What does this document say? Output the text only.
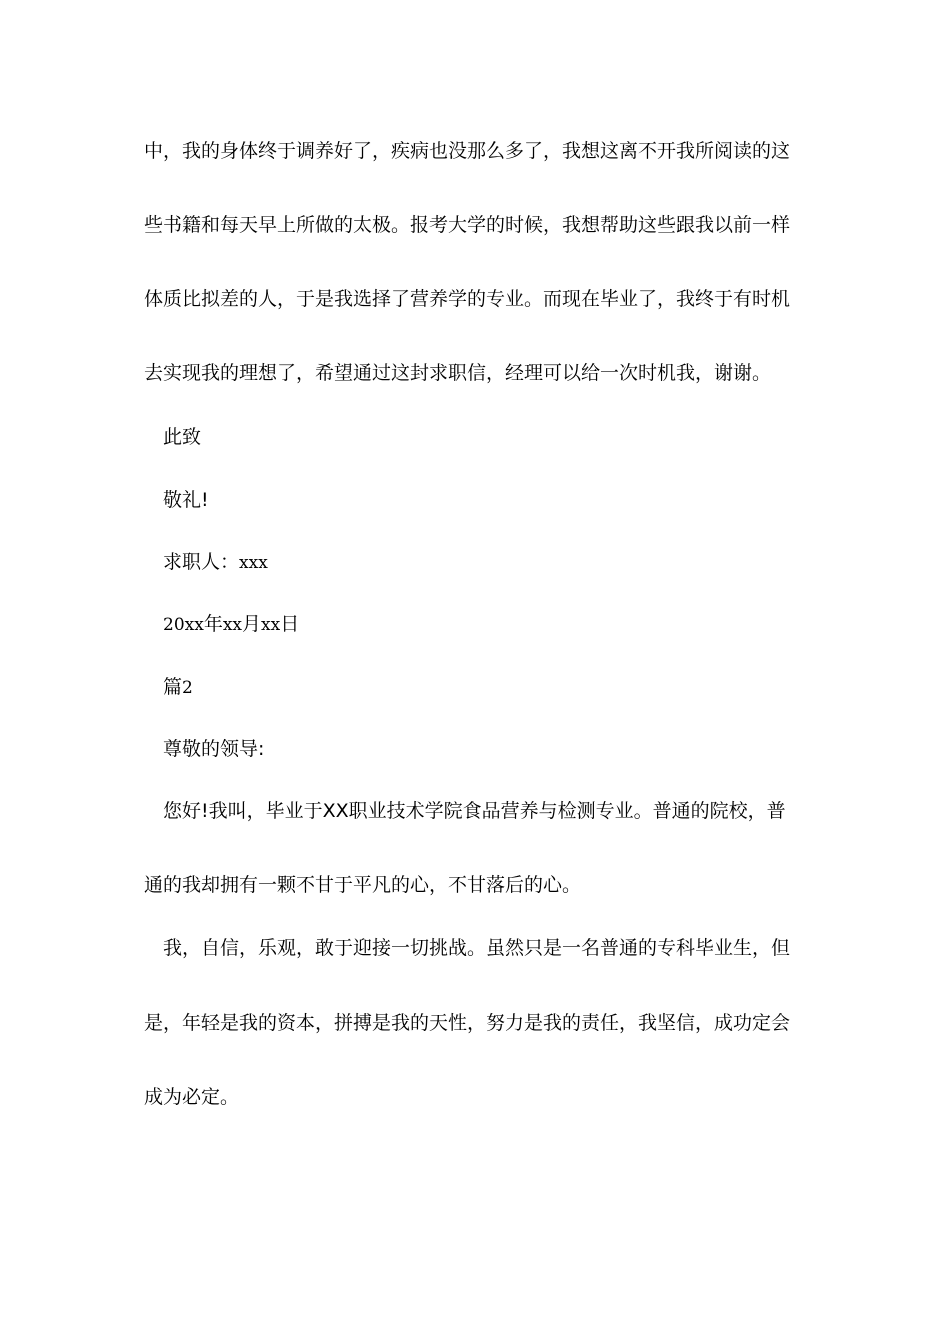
中，我的身体终于调养好了，疾病也没那么多了，我想这离不开我所阅读的这
些书籍和每天早上所做的太极。报考大学的时候，我想帮助这些跟我以前一样
体质比拟差的人，于是我选择了营养学的专业。而现在毕业了，我终于有时机
去实现我的理想了，希望通过这封求职信，经理可以给一次时机我，谢谢。
此致
敬礼!
求职人：xxx
20xx年xx月xx日
篇2
尊敬的领导:
您好!我叫，毕业于XX职业技术学院食品营养与检测专业。普通的院校，普
通的我却拥有一颗不甘于平凡的心，不甘落后的心。
我，自信，乐观，敢于迎接一切挑战。虽然只是一名普通的专科毕业生，但
是，年轻是我的资本，拼搏是我的天性，努力是我的责任，我坚信，成功定会
成为必定。
